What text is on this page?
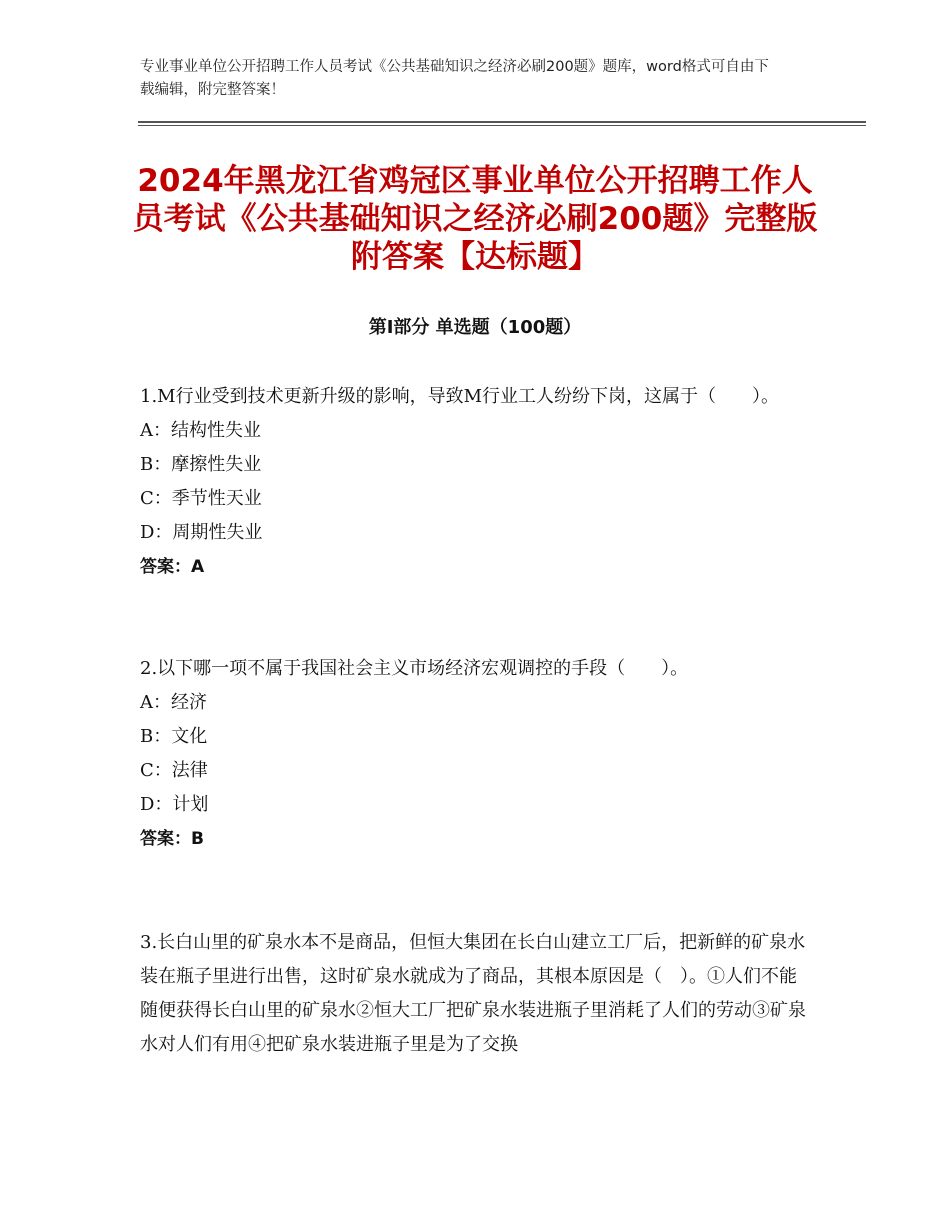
专业事业单位公开招聘工作人员考试《公共基础知识之经济必刷200题》题库，word格式可自由下载编辑，附完整答案！
2024年黑龙江省鸡冠区事业单位公开招聘工作人员考试《公共基础知识之经济必刷200题》完整版附答案【达标题】
第Ⅰ部分 单选题（100题）
1.M行业受到技术更新升级的影响，导致M行业工人纷纷下岗，这属于（　　）。
A：结构性失业
B：摩擦性失业
C：季节性天业
D：周期性失业
答案：A
2.以下哪一项不属于我国社会主义市场经济宏观调控的手段（　　）。
A：经济
B：文化
C：法律
D：计划
答案：B
3.长白山里的矿泉水本不是商品，但恒大集团在长白山建立工厂后，把新鲜的矿泉水装在瓶子里进行出售，这时矿泉水就成为了商品，其根本原因是（　）。①人们不能随便获得长白山里的矿泉水②恒大工厂把矿泉水装进瓶子里消耗了人们的劳动③矿泉水对人们有用④把矿泉水装进瓶子里是为了交换
